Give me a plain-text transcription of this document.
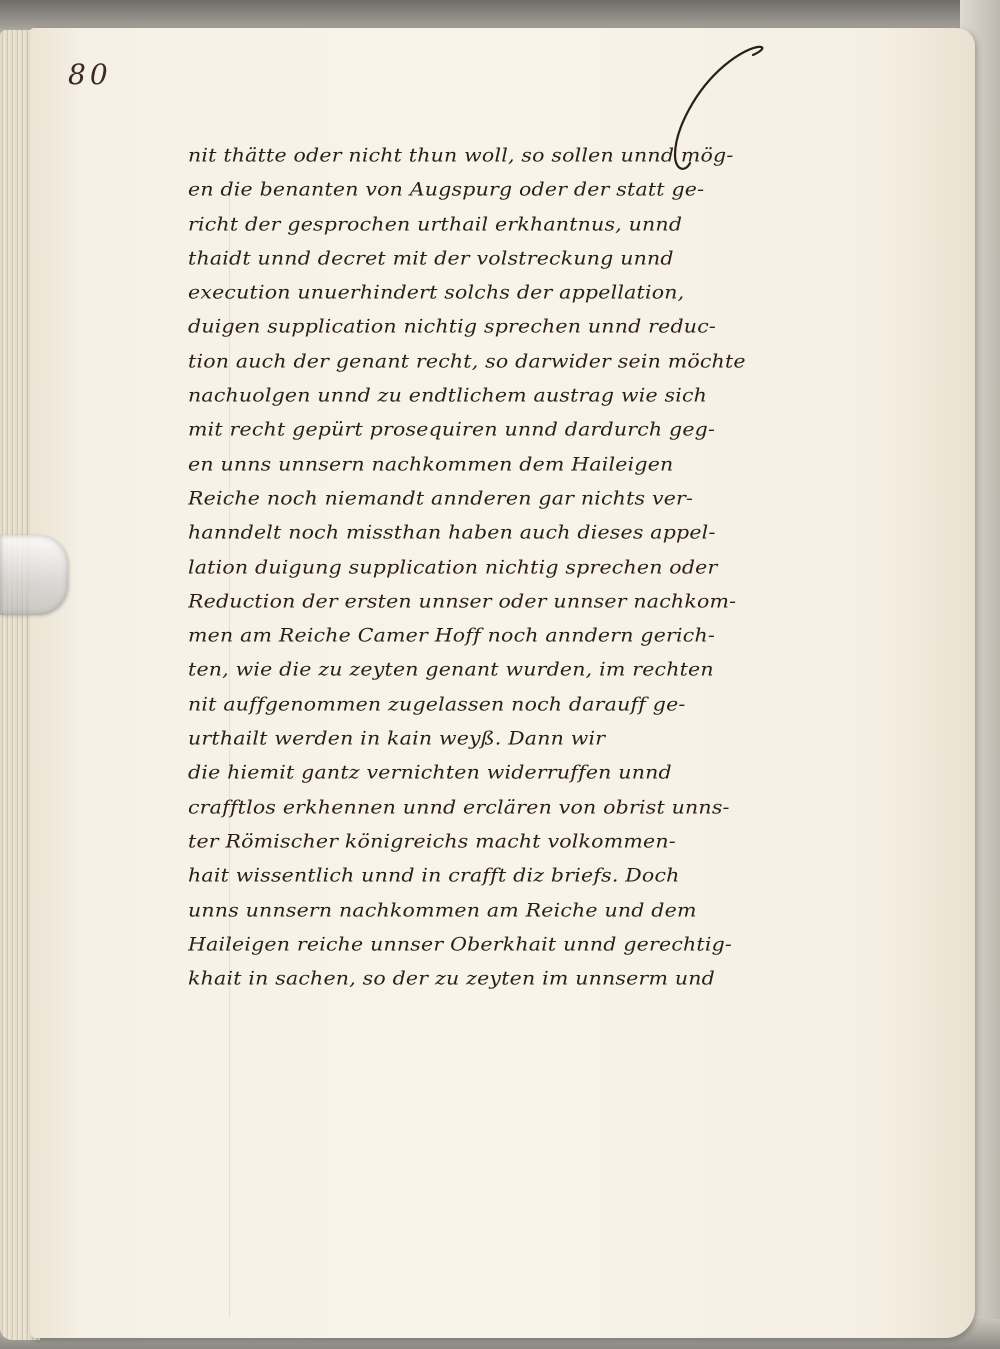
80
nit thätte oder nicht thun woll, so sollen unnd mög-
en die benanten von Augspurg oder der statt ge-
richt der gesprochen urthail erkhantnus, unnd
thaidt unnd decret mit der volstreckung unnd
execution unuerhindert solchs der appellation,
duigen supplication nichtig sprechen unnd reduc-
tion auch der genant recht, so darwider sein möchte
nachuolgen unnd zu endtlichem austrag wie sich
mit recht gepürt prosequiren unnd dardurch geg-
en unns unnsern nachkommen dem Haileigen
Reiche noch niemandt annderen gar nichts ver-
hanndelt noch missthan haben auch dieses appel-
lation duigung supplication nichtig sprechen oder
Reduction der ersten unnser oder unnser nachkom-
men am Reiche Camer Hoff noch anndern gerich-
ten, wie die zu zeyten genant wurden, im rechten
nit auffgenommen zugelassen noch darauff ge-
urthailt werden in kain weyß. Dann wir
die hiemit gantz vernichten widerruffen unnd
crafftlos erkhennen unnd erclären von obrist unns-
ter Römischer königreichs macht volkommen-
hait wissentlich unnd in crafft diz briefs. Doch
unns unnsern nachkommen am Reiche und dem
Haileigen reiche unnser Oberkhait unnd gerechtig-
khait in sachen, so der zu zeyten im unnserm und
